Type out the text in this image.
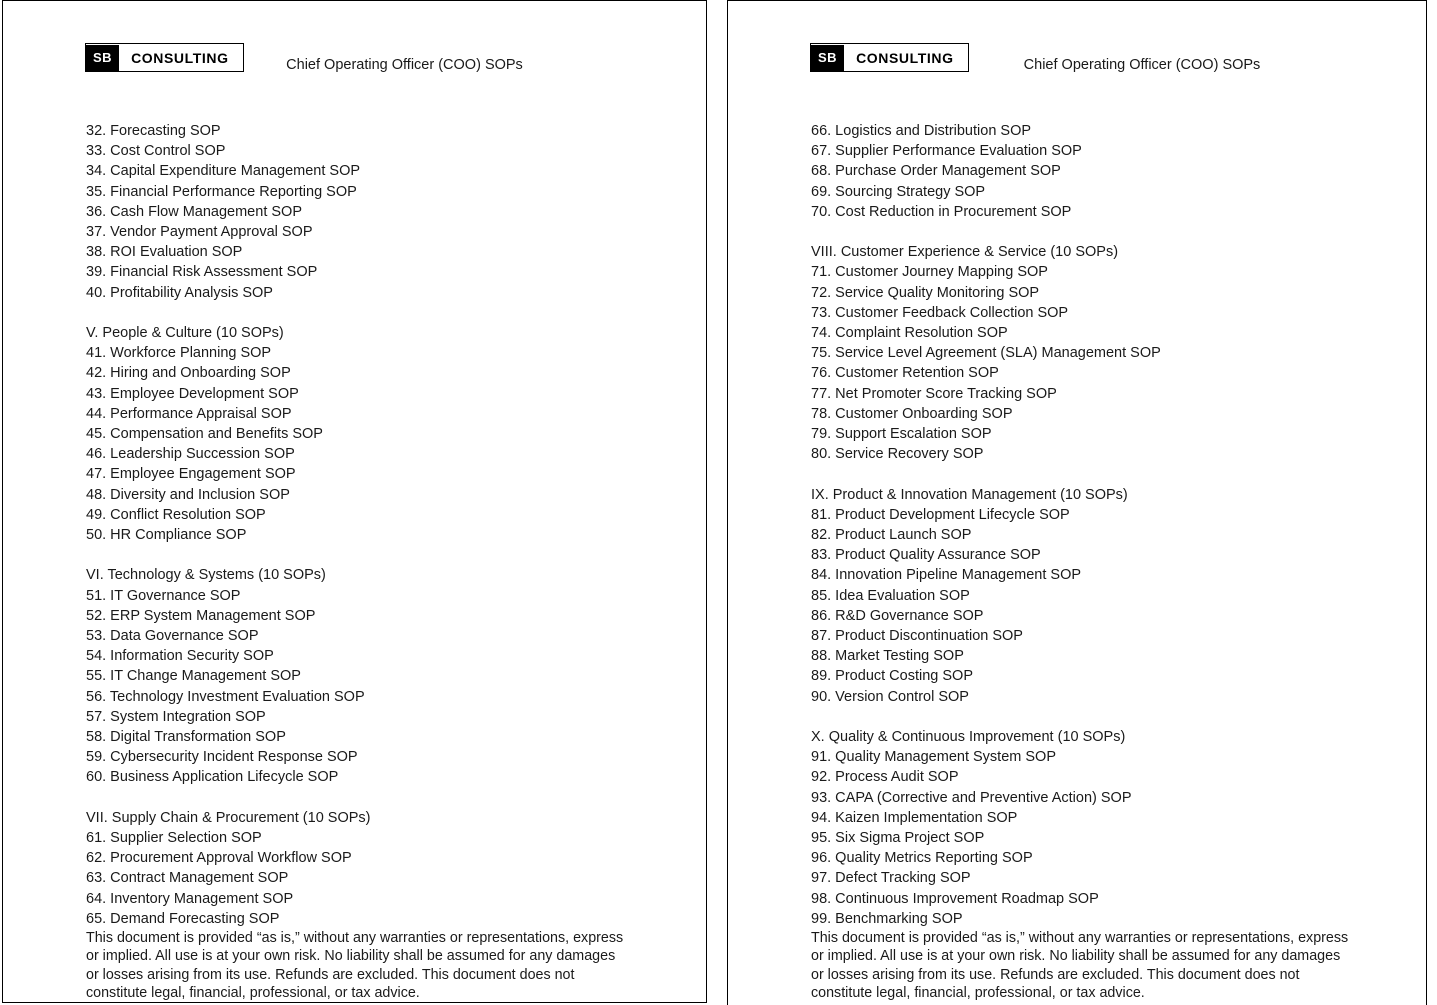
SB	CONSULTING	Chief Operating Officer (COO) SOPs
32. Forecasting SOP
33. Cost Control SOP
34. Capital Expenditure Management SOP
35. Financial Performance Reporting SOP
36. Cash Flow Management SOP
37. Vendor Payment Approval SOP
38. ROI Evaluation SOP
39. Financial Risk Assessment SOP
40. Profitability Analysis SOP
V. People & Culture (10 SOPs)
41. Workforce Planning SOP
42. Hiring and Onboarding SOP
43. Employee Development SOP
44. Performance Appraisal SOP
45. Compensation and Benefits SOP
46. Leadership Succession SOP
47. Employee Engagement SOP
48. Diversity and Inclusion SOP
49. Conflict Resolution SOP
50. HR Compliance SOP
VI. Technology & Systems (10 SOPs)
51. IT Governance SOP
52. ERP System Management SOP
53. Data Governance SOP
54. Information Security SOP
55. IT Change Management SOP
56. Technology Investment Evaluation SOP
57. System Integration SOP
58. Digital Transformation SOP
59. Cybersecurity Incident Response SOP
60. Business Application Lifecycle SOP
VII. Supply Chain & Procurement (10 SOPs)
61. Supplier Selection SOP
62. Procurement Approval Workflow SOP
63. Contract Management SOP
64. Inventory Management SOP
65. Demand Forecasting SOP
This document is provided “as is,” without any warranties or representations, express or implied. All use is at your own risk. No liability shall be assumed for any damages or losses arising from its use. Refunds are excluded. This document does not constitute legal, financial, professional, or tax advice.
SB	CONSULTING	Chief Operating Officer (COO) SOPs
66. Logistics and Distribution SOP
67. Supplier Performance Evaluation SOP
68. Purchase Order Management SOP
69. Sourcing Strategy SOP
70. Cost Reduction in Procurement SOP
VIII. Customer Experience & Service (10 SOPs)
71. Customer Journey Mapping SOP
72. Service Quality Monitoring SOP
73. Customer Feedback Collection SOP
74. Complaint Resolution SOP
75. Service Level Agreement (SLA) Management SOP
76. Customer Retention SOP
77. Net Promoter Score Tracking SOP
78. Customer Onboarding SOP
79. Support Escalation SOP
80. Service Recovery SOP
IX. Product & Innovation Management (10 SOPs)
81. Product Development Lifecycle SOP
82. Product Launch SOP
83. Product Quality Assurance SOP
84. Innovation Pipeline Management SOP
85. Idea Evaluation SOP
86. R&D Governance SOP
87. Product Discontinuation SOP
88. Market Testing SOP
89. Product Costing SOP
90. Version Control SOP
X. Quality & Continuous Improvement (10 SOPs)
91. Quality Management System SOP
92. Process Audit SOP
93. CAPA (Corrective and Preventive Action) SOP
94. Kaizen Implementation SOP
95. Six Sigma Project SOP
96. Quality Metrics Reporting SOP
97. Defect Tracking SOP
98. Continuous Improvement Roadmap SOP
99. Benchmarking SOP
This document is provided “as is,” without any warranties or representations, express or implied. All use is at your own risk. No liability shall be assumed for any damages or losses arising from its use. Refunds are excluded. This document does not constitute legal, financial, professional, or tax advice.
